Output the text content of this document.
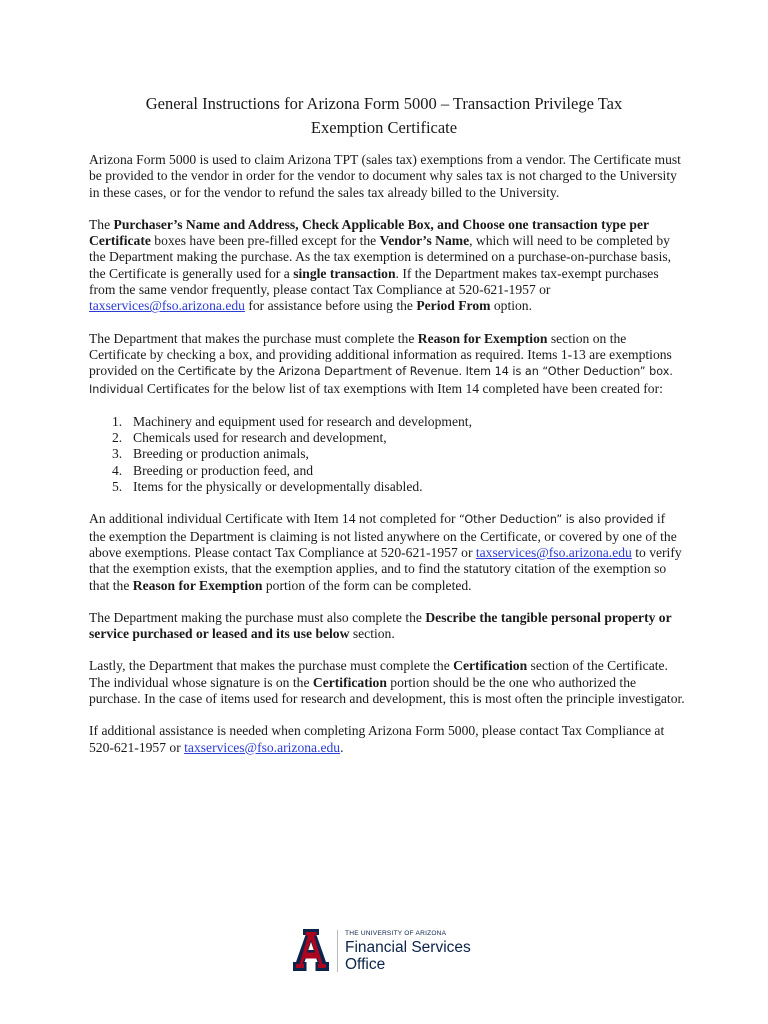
General Instructions for Arizona Form 5000 – Transaction Privilege Tax
Exemption Certificate

Arizona Form 5000 is used to claim Arizona TPT (sales tax) exemptions from a vendor. The Certificate must be provided to the vendor in order for the vendor to document why sales tax is not charged to the University in these cases, or for the vendor to refund the sales tax already billed to the University.

The Purchaser’s Name and Address, Check Applicable Box, and Choose one transaction type per Certificate boxes have been pre-filled except for the Vendor’s Name, which will need to be completed by the Department making the purchase. As the tax exemption is determined on a purchase-on-purchase basis, the Certificate is generally used for a single transaction. If the Department makes tax-exempt purchases from the same vendor frequently, please contact Tax Compliance at 520-621-1957 or taxservices@fso.arizona.edu for assistance before using the Period From option.

The Department that makes the purchase must complete the Reason for Exemption section on the Certificate by checking a box, and providing additional information as required. Items 1-13 are exemptions provided on the Certificate by the Arizona Department of Revenue. Item 14 is an “Other Deduction” box. Individual Certificates for the below list of tax exemptions with Item 14 completed have been created for:

1. Machinery and equipment used for research and development,
2. Chemicals used for research and development,
3. Breeding or production animals,
4. Breeding or production feed, and
5. Items for the physically or developmentally disabled.

An additional individual Certificate with Item 14 not completed for “Other Deduction” is also provided if the exemption the Department is claiming is not listed anywhere on the Certificate, or covered by one of the above exemptions. Please contact Tax Compliance at 520-621-1957 or taxservices@fso.arizona.edu to verify that the exemption exists, that the exemption applies, and to find the statutory citation of the exemption so that the Reason for Exemption portion of the form can be completed.

The Department making the purchase must also complete the Describe the tangible personal property or service purchased or leased and its use below section.

Lastly, the Department that makes the purchase must complete the Certification section of the Certificate. The individual whose signature is on the Certification portion should be the one who authorized the purchase. In the case of items used for research and development, this is most often the principle investigator.

If additional assistance is needed when completing Arizona Form 5000, please contact Tax Compliance at 520-621-1957 or taxservices@fso.arizona.edu.

THE UNIVERSITY OF ARIZONA
Financial Services
Office
